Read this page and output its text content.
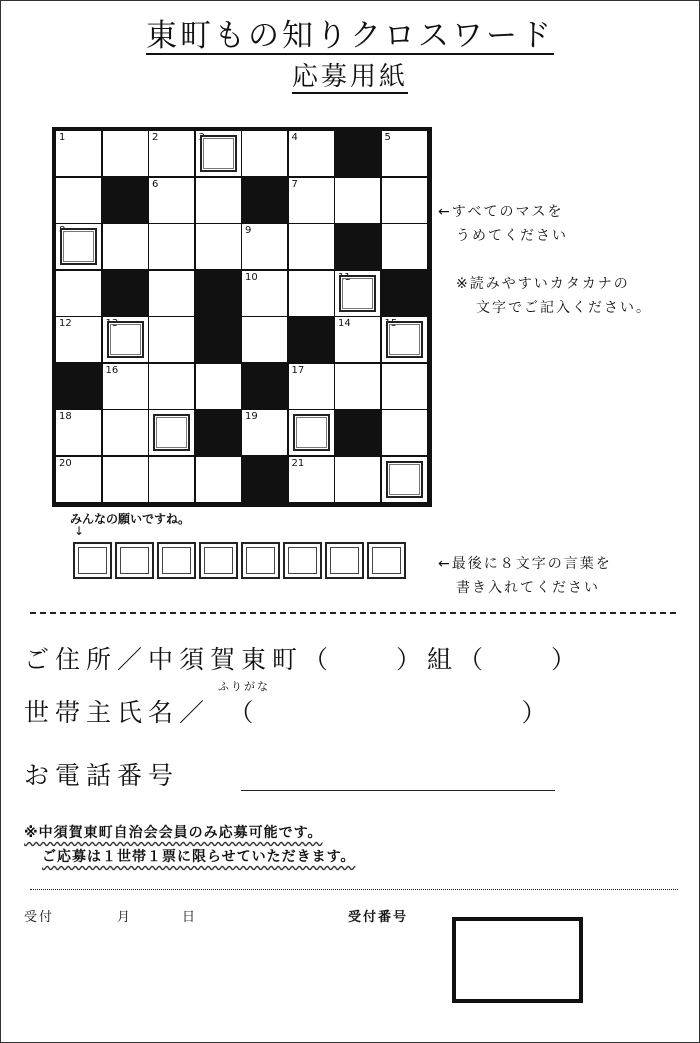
東町もの知りクロスワード
応募用紙
1	2	3	4	5
6	7
8	9
10	11
12	13	14	15
16	17
18	19
20	21
←すべてのマスを
うめてください
※読みやすいカタカナの
文字でご記入ください。
みんなの願いですね。
↓
←最後に８文字の言葉を
書き入れてください
ご住所／中須賀東町（　　）組（　　）
ふりがな
世帯主氏名／　（	）
お電話番号
※中須賀東町自治会会員のみ応募可能です。
ご応募は１世帯１票に限らせていただきます。
受付	月	日	受付番号
